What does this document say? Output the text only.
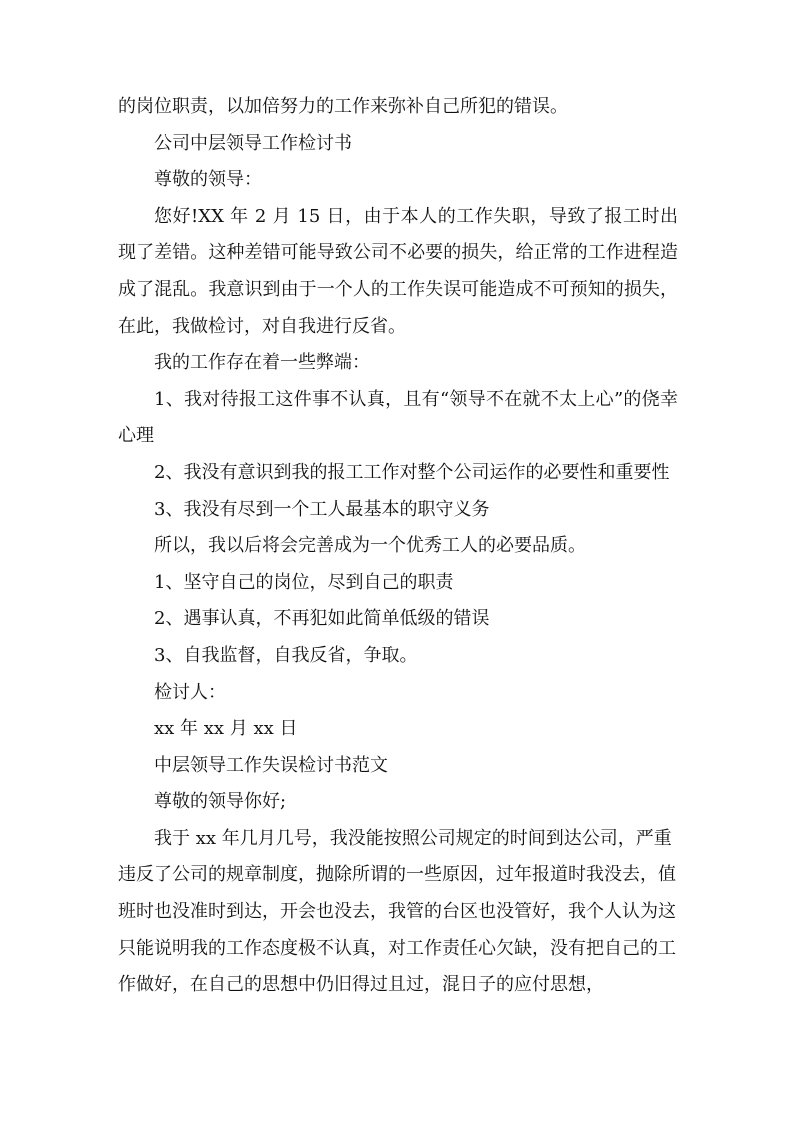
的岗位职责，以加倍努力的工作来弥补自己所犯的错误。

公司中层领导工作检讨书

尊敬的领导：

您好!XX 年 2 月 15 日，由于本人的工作失职，导致了报工时出现了差错。这种差错可能导致公司不必要的损失，给正常的工作进程造成了混乱。我意识到由于一个人的工作失误可能造成不可预知的损失，在此，我做检讨，对自我进行反省。

我的工作存在着一些弊端：

1、我对待报工这件事不认真，且有“领导不在就不太上心”的侥幸心理

2、我没有意识到我的报工工作对整个公司运作的必要性和重要性

3、我没有尽到一个工人最基本的职守义务

所以，我以后将会完善成为一个优秀工人的必要品质。

1、坚守自己的岗位，尽到自己的职责

2、遇事认真，不再犯如此简单低级的错误

3、自我监督，自我反省，争取。

检讨人：

xx 年 xx 月 xx 日

中层领导工作失误检讨书范文

尊敬的领导你好;

我于 xx 年几月几号，我没能按照公司规定的时间到达公司，严重违反了公司的规章制度，抛除所谓的一些原因，过年报道时我没去，值班时也没准时到达，开会也没去，我管的台区也没管好，我个人认为这只能说明我的工作态度极不认真，对工作责任心欠缺，没有把自己的工作做好，在自己的思想中仍旧得过且过，混日子的应付思想，
